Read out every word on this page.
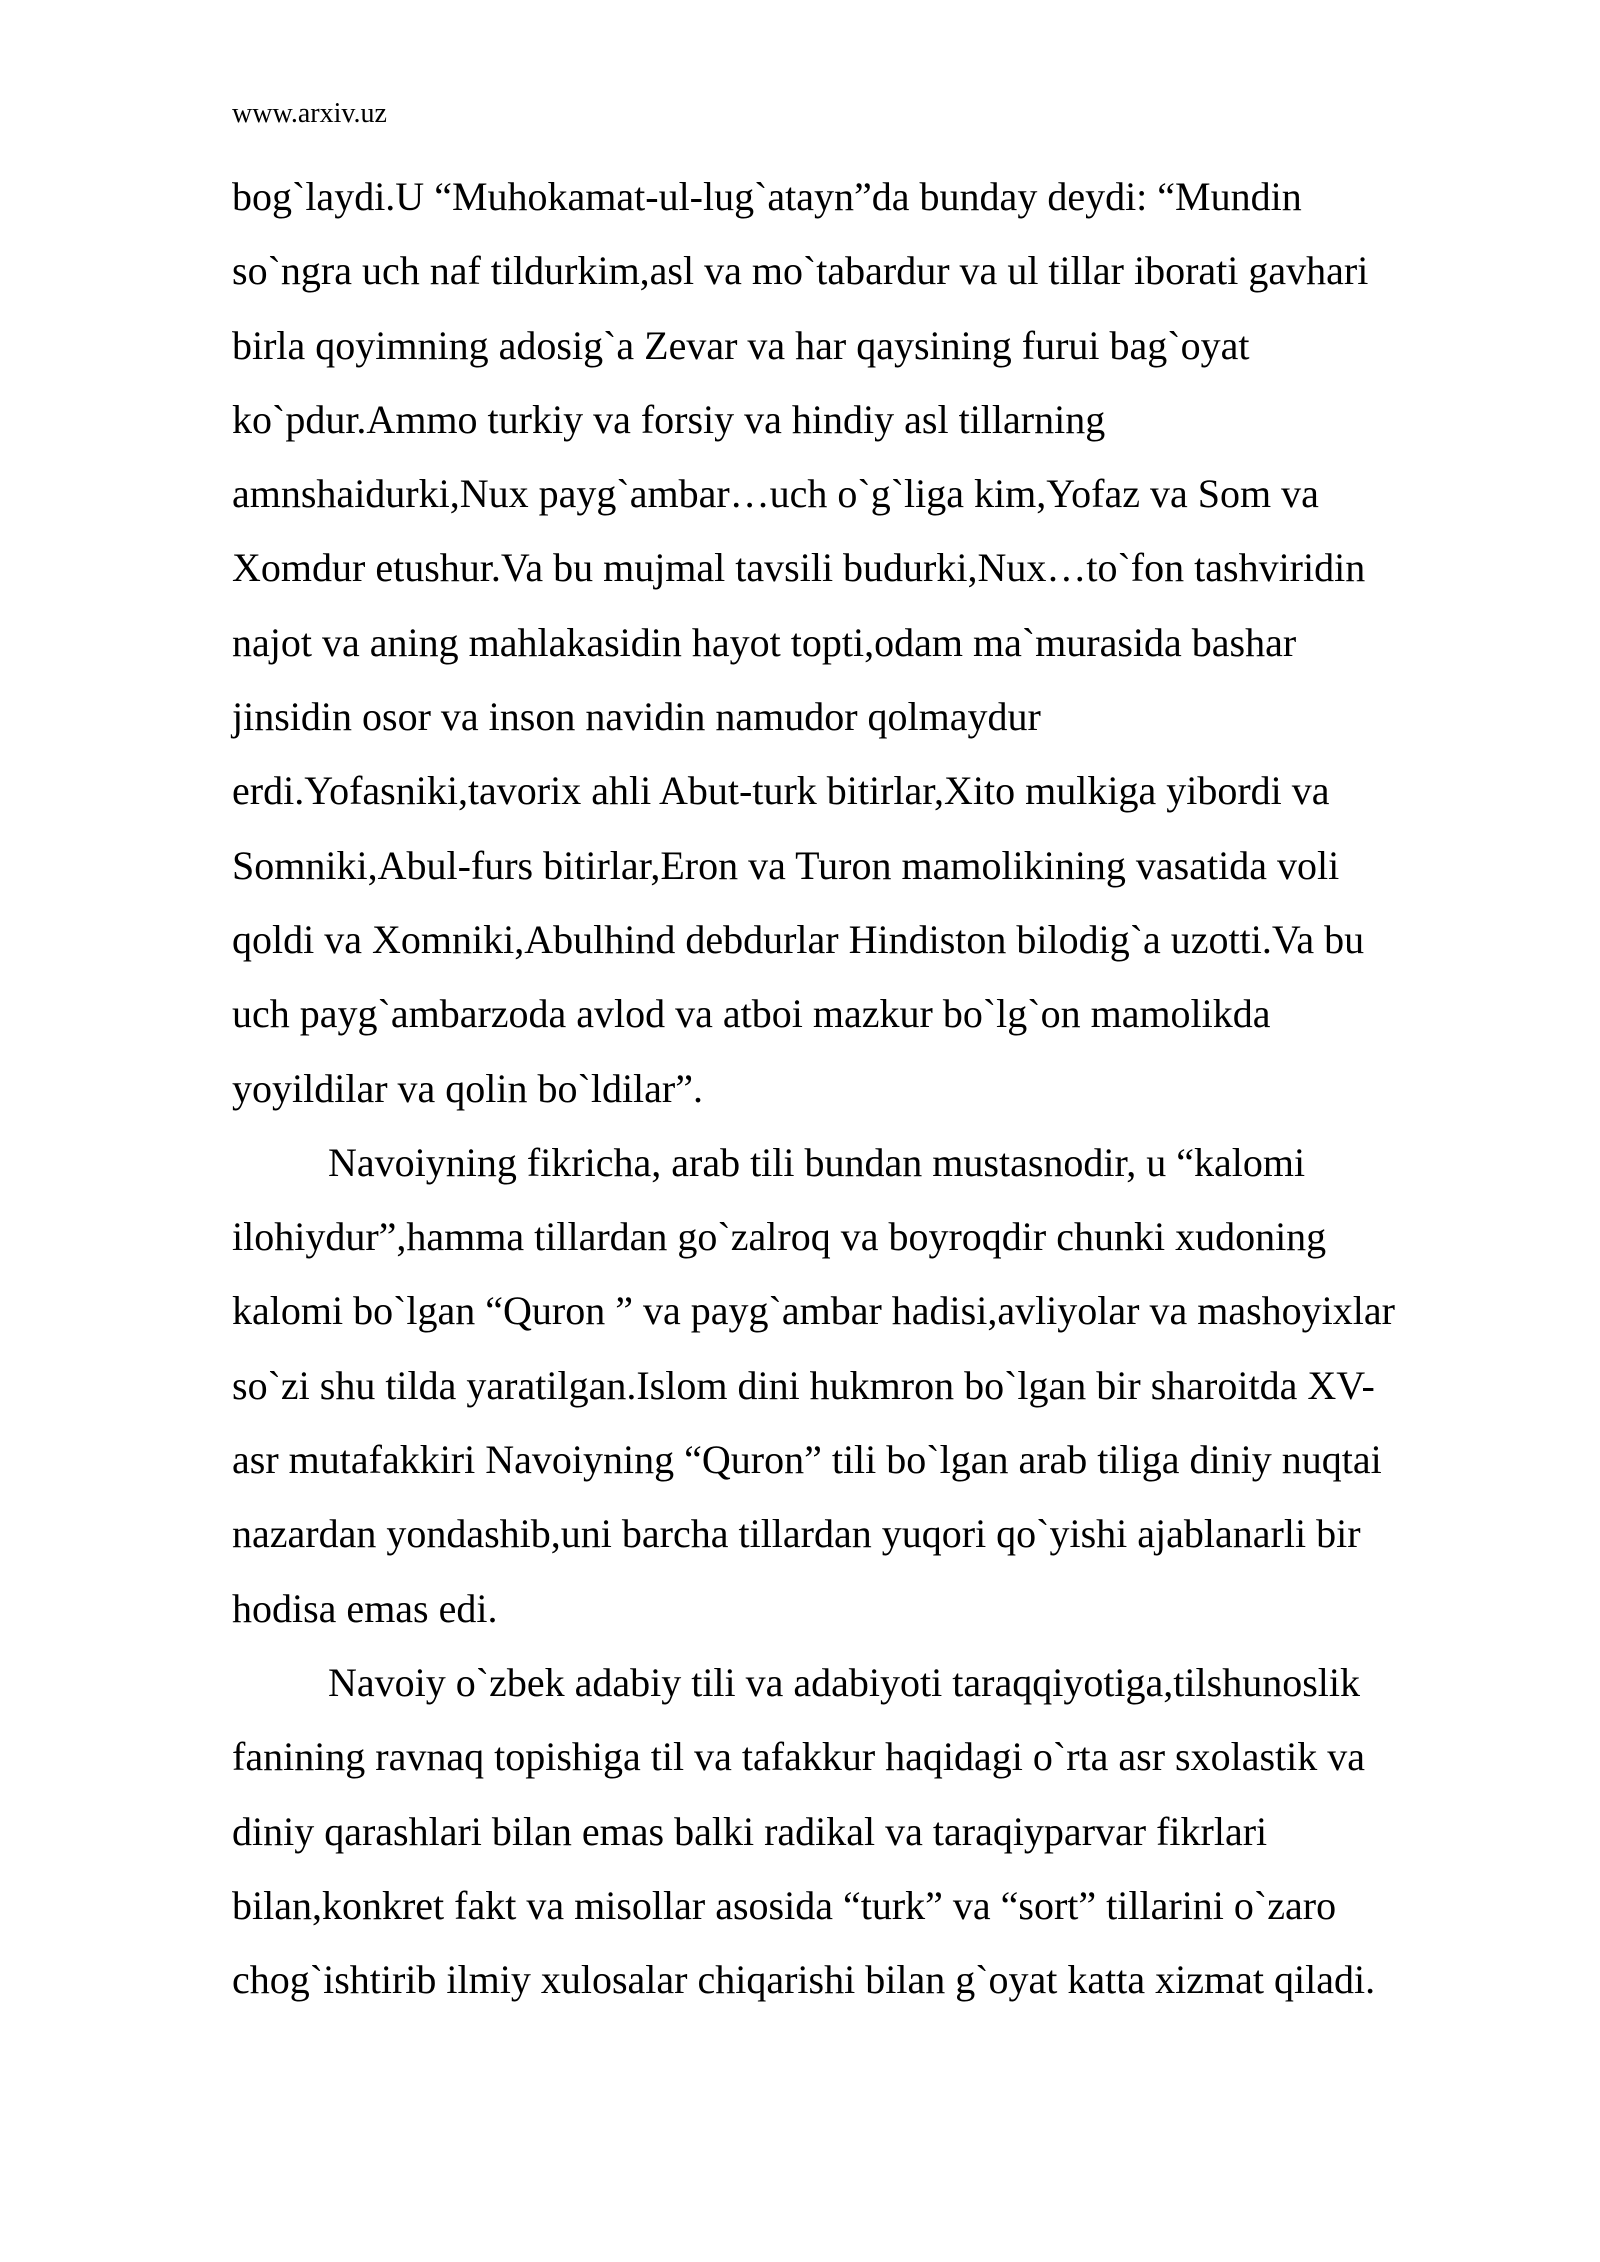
www.arxiv.uz
bog`laydi.U “Muhokamat-ul-lug`atayn”da bunday deydi: “Mundin
so`ngra uch naf tildurkim,asl va mo`tabardur va ul tillar iborati gavhari
birla qoyimning adosig`a Zevar va har qaysining furui bag`oyat
ko`pdur.Ammo turkiy va forsiy va hindiy asl tillarning
amnshaidurki,Nux payg`ambar…uch o`g`liga kim,Yofaz va Som va
Xomdur etushur.Va bu mujmal tavsili budurki,Nux…to`fon tashviridin
najot va aning mahlakasidin hayot topti,odam ma`murasida bashar
jinsidin osor va inson navidin namudor qolmaydur
erdi.Yofasniki,tavorix ahli Abut-turk bitirlar,Xito mulkiga yibordi va
Somniki,Abul-furs bitirlar,Eron va Turon mamolikining vasatida voli
qoldi va Xomniki,Abulhind debdurlar Hindiston bilodig`a uzotti.Va bu
uch payg`ambarzoda avlod va atboi mazkur bo`lg`on mamolikda
yoyildilar va qolin bo`ldilar”.
Navoiyning fikricha, arab tili bundan mustasnodir, u “kalomi
ilohiydur”,hamma tillardan go`zalroq va boyroqdir chunki xudoning
kalomi bo`lgan “Quron ” va payg`ambar hadisi,avliyolar va mashoyixlar
so`zi shu tilda yaratilgan.Islom dini hukmron bo`lgan bir sharoitda XV-
asr mutafakkiri Navoiyning “Quron” tili bo`lgan arab tiliga diniy nuqtai
nazardan yondashib,uni barcha tillardan yuqori qo`yishi ajablanarli bir
hodisa emas edi.
Navoiy o`zbek adabiy tili va adabiyoti taraqqiyotiga,tilshunoslik
fanining ravnaq topishiga til va tafakkur haqidagi o`rta asr sxolastik va
diniy qarashlari bilan emas balki radikal va taraqiyparvar fikrlari
bilan,konkret fakt va misollar asosida “turk” va “sort” tillarini o`zaro
chog`ishtirib ilmiy xulosalar chiqarishi bilan g`oyat katta xizmat qiladi.
